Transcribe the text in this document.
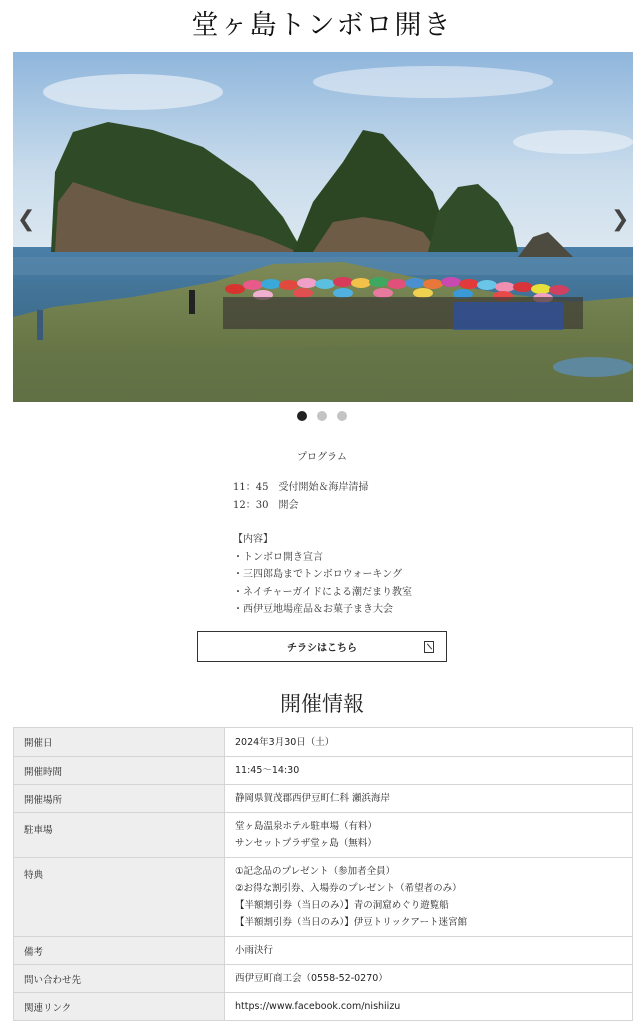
堂ヶ島トンボロ開き
❮	❯
プログラム
11：45　受付開始＆海岸清掃
12：30　開会
【内容】
・トンボロ開き宣言
・三四郎島までトンボロウォーキング
・ネイチャーガイドによる潮だまり教室
・西伊豆地場産品＆お菓子まき大会
チラシはこちら
開催情報
開催日	2024年3月30日（土）

開催時間	11:45〜14:30

開催場所	静岡県賀茂郡西伊豆町仁科 瀬浜海岸

駐車場	堂ヶ島温泉ホテル駐車場（有料）
サンセットプラザ堂ヶ島（無料）

特典	①記念品のプレゼント（参加者全員）
②お得な割引券、入場券のプレゼント（希望者のみ）
【半額割引券（当日のみ）】青の洞窟めぐり遊覧船
【半額割引券（当日のみ）】伊豆トリックアート迷宮館

備考	小雨決行

問い合わせ先	西伊豆町商工会（0558-52-0270）

関連リンク	https://www.facebook.com/nishiizu
